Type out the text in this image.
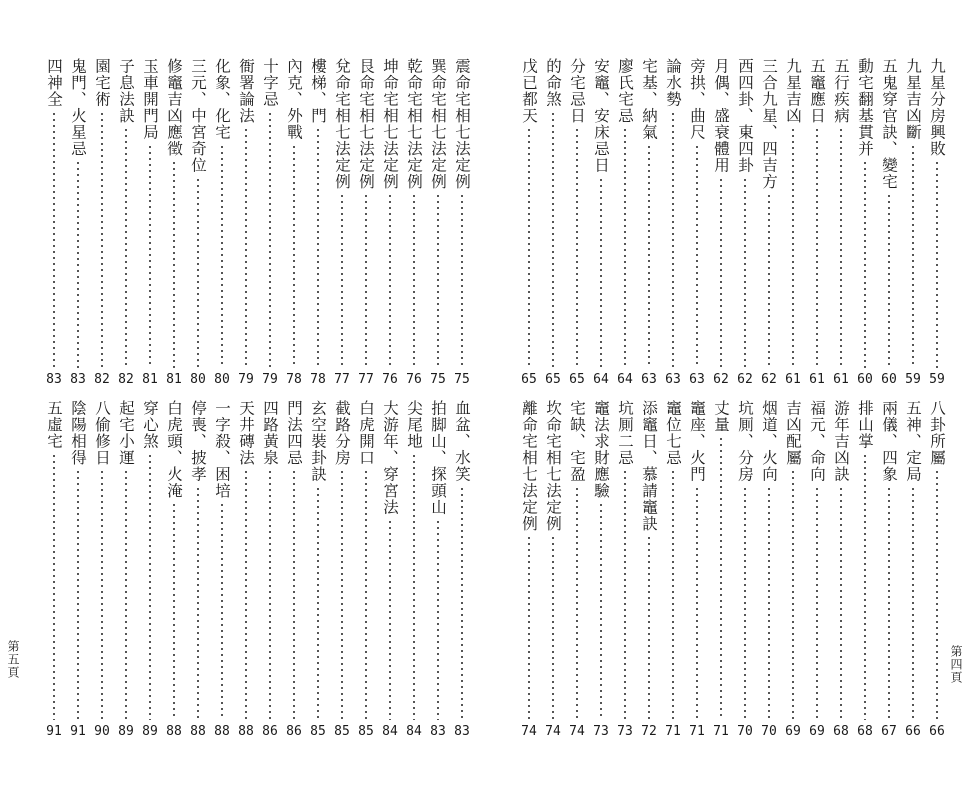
震命宅相七法定例
75
巽命宅相七法定例
75
乾命宅相七法定例
76
坤命宅相七法定例
76
艮命宅相七法定例
77
兌命宅相七法定例
77
樓梯、門
78
內克、外戰
78
十字忌
79
衙署論法
79
化象、化宅
80
三元、中宮奇位
80
修竈吉凶應徵
81
玉車開門局
81
子息法訣
82
園宅術
82
鬼門、火星忌
83
四神全
83
血盆、水笑
83
拍脚山、探頭山
83
尖尾地
84
大游年、穿宮法
84
白虎開口
85
截路分房
85
玄空裝卦訣
85
門法四忌
86
四路黃泉
86
天井磚法
88
一字殺、困培
88
停喪、披孝
88
白虎頭、火淹
88
穿心煞
89
起宅小運
89
八偷修日
90
陰陽相得
91
五虛宅
91
第五頁
九星分房興敗
59
九星吉凶斷
59
五鬼穿官訣、變宅
60
動宅翻基貫并
60
五行疾病
61
五竈應日
61
九星吉凶
61
三合九星、四吉方
62
西四卦、東四卦
62
月偶、盛衰體用
62
旁拱、曲尺
63
論水勢
63
宅基、納氣
63
廖氏宅忌
64
安竈、安床忌日
64
分宅忌日
65
的命煞
65
戊已都天
65
八卦所屬
66
五神、定局
66
兩儀、四象
67
排山掌
68
游年吉凶訣
68
福元、命向
69
吉凶配屬
69
烟道、火向
70
坑厠、分房
70
丈量
71
竈座、火門
71
竈位七忌
71
添竈日、慕請竈訣
72
坑厠二忌
73
竈法求財應驗
73
宅缺、宅盈
74
坎命宅相七法定例
74
離命宅相七法定例
74
第四頁
